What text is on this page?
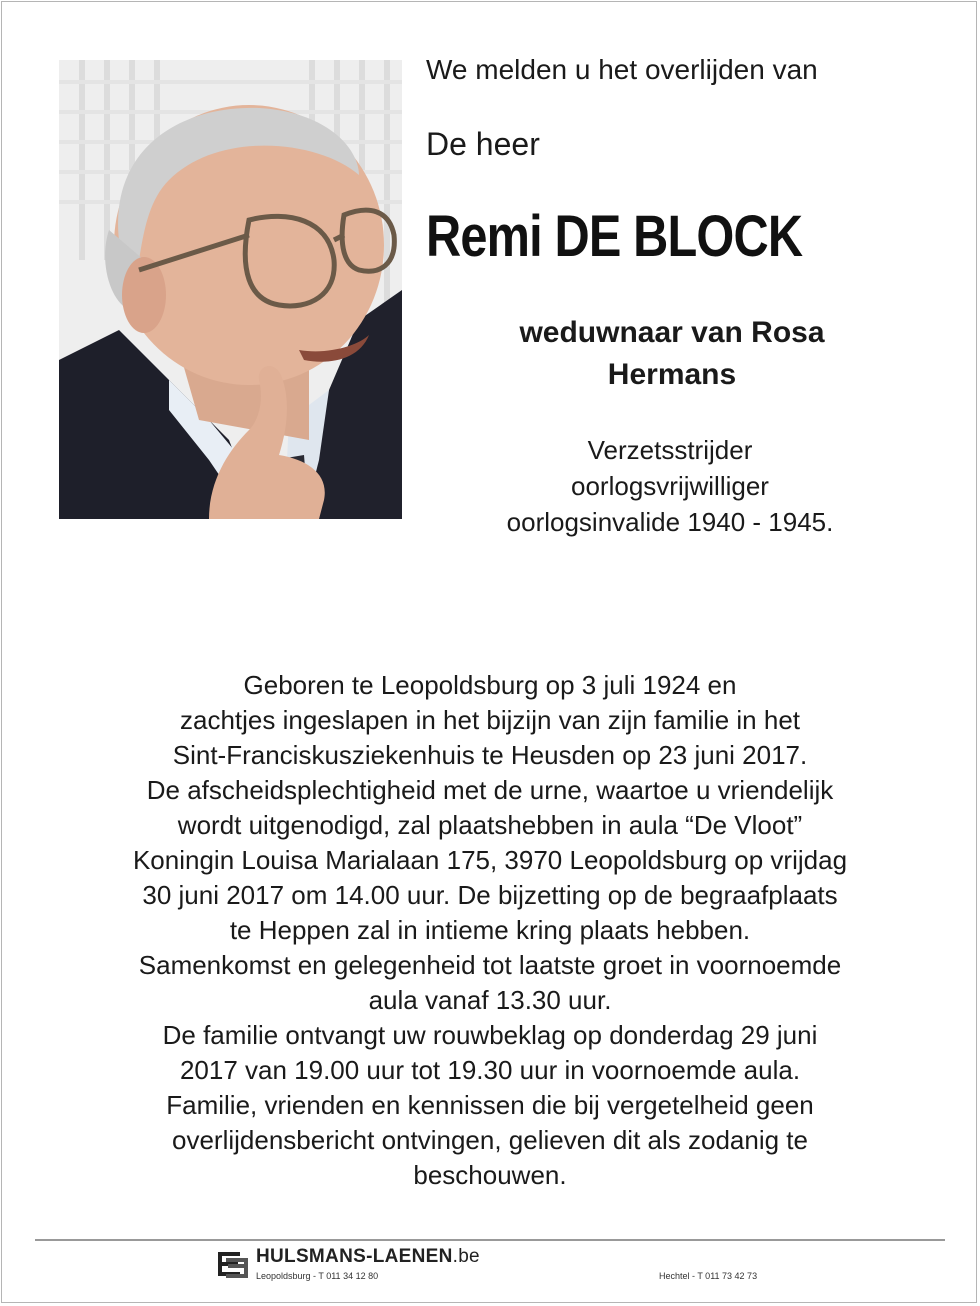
We melden u het overlijden van
De heer
Remi DE BLOCK
weduwnaar van Rosa
Hermans
Verzetsstrijder
oorlogsvrijwilliger
oorlogsinvalide 1940 - 1945.
Geboren te Leopoldsburg op 3 juli 1924 en
zachtjes ingeslapen in het bijzijn van zijn familie in het
Sint-Franciskusziekenhuis te Heusden op 23 juni 2017.
De afscheidsplechtigheid met de urne, waartoe u vriendelijk
wordt uitgenodigd, zal plaatshebben in aula “De Vloot”
Koningin Louisa Marialaan 175, 3970 Leopoldsburg op vrijdag
30 juni 2017 om 14.00 uur. De bijzetting op de begraafplaats
te Heppen zal in intieme kring plaats hebben.
Samenkomst en gelegenheid tot laatste groet in voornoemde
aula vanaf 13.30 uur.
De familie ontvangt uw rouwbeklag op donderdag 29 juni
2017 van 19.00 uur tot 19.30 uur in voornoemde aula.
Familie, vrienden en kennissen die bij vergetelheid geen
overlijdensbericht ontvingen, gelieven dit als zodanig te
beschouwen.
HULSMANS-LAENEN.be
Leopoldsburg - T 011 34 12 80	Hechtel - T 011 73 42 73
